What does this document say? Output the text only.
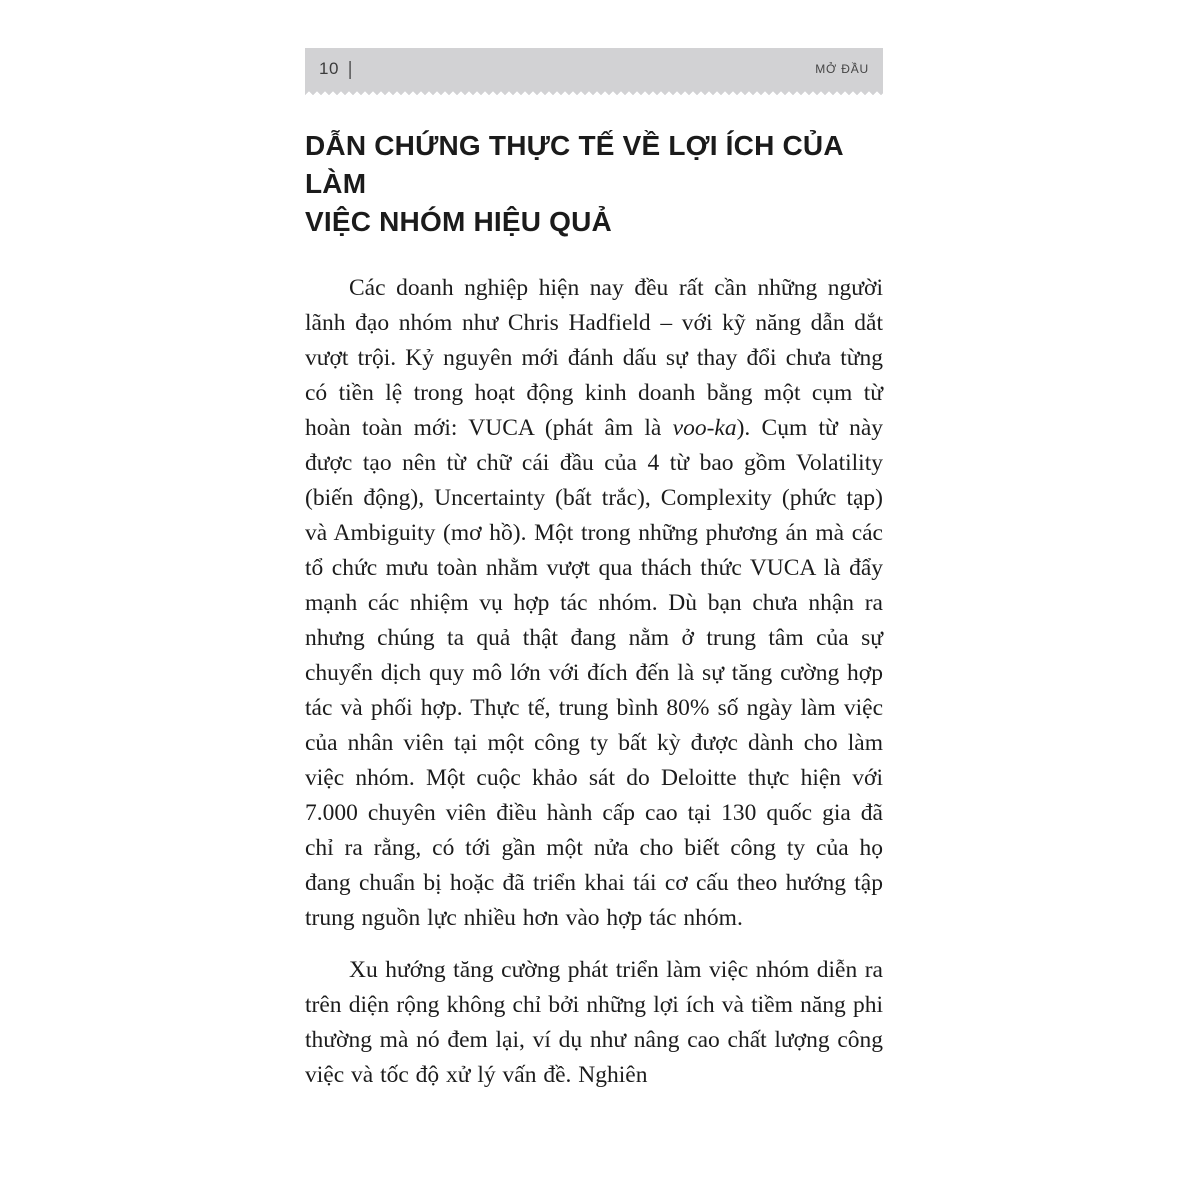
10 |	MỞ ĐẦU
DẪN CHỨNG THỰC TẾ VỀ LỢI ÍCH CỦA LÀM
VIỆC NHÓM HIỆU QUẢ

Các doanh nghiệp hiện nay đều rất cần những người lãnh đạo nhóm như Chris Hadfield – với kỹ năng dẫn dắt vượt trội. Kỷ nguyên mới đánh dấu sự thay đổi chưa từng có tiền lệ trong hoạt động kinh doanh bằng một cụm từ hoàn toàn mới: VUCA (phát âm là voo-ka). Cụm từ này được tạo nên từ chữ cái đầu của 4 từ bao gồm Volatility (biến động), Uncertainty (bất trắc), Complexity (phức tạp) và Ambiguity (mơ hồ). Một trong những phương án mà các tổ chức mưu toàn nhằm vượt qua thách thức VUCA là đẩy mạnh các nhiệm vụ hợp tác nhóm. Dù bạn chưa nhận ra nhưng chúng ta quả thật đang nằm ở trung tâm của sự chuyển dịch quy mô lớn với đích đến là sự tăng cường hợp tác và phối hợp. Thực tế, trung bình 80% số ngày làm việc của nhân viên tại một công ty bất kỳ được dành cho làm việc nhóm. Một cuộc khảo sát do Deloitte thực hiện với 7.000 chuyên viên điều hành cấp cao tại 130 quốc gia đã chỉ ra rằng, có tới gần một nửa cho biết công ty của họ đang chuẩn bị hoặc đã triển khai tái cơ cấu theo hướng tập trung nguồn lực nhiều hơn vào hợp tác nhóm.

Xu hướng tăng cường phát triển làm việc nhóm diễn ra trên diện rộng không chỉ bởi những lợi ích và tiềm năng phi thường mà nó đem lại, ví dụ như nâng cao chất lượng công việc và tốc độ xử lý vấn đề. Nghiên
